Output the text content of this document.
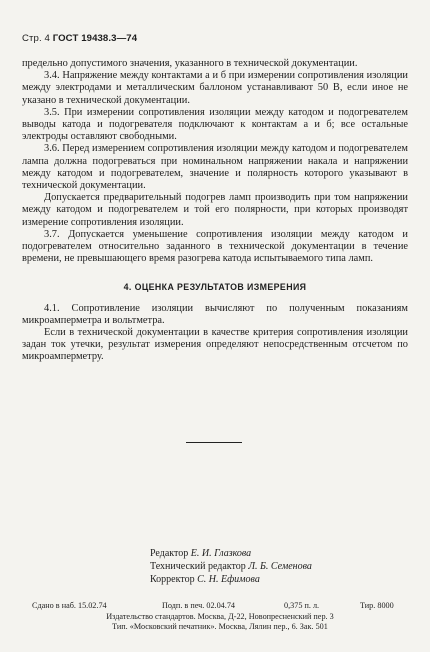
Стр. 4 ГОСТ 19438.3—74

предельно допустимого значения, указанного в технической документации.

3.4. Напряжение между контактами а и б при измерении сопротивления изоляции между электродами и металлическим баллоном устанавливают 50 В, если иное не указано в технической документации.

3.5. При измерении сопротивления изоляции между катодом и подогревателем выводы катода и подогревателя подключают к контактам а и б; все остальные электроды оставляют свободными.

3.6. Перед измерением сопротивления изоляции между катодом и подогревателем лампа должна подогреваться при номинальном напряжении накала и напряжении между катодом и подогревателем, значение и полярность которого указывают в технической документации.

Допускается предварительный подогрев ламп производить при том напряжении между катодом и подогревателем и той его полярности, при которых производят измерение сопротивления изоляции.

3.7. Допускается уменьшение сопротивления изоляции между катодом и подогревателем относительно заданного в технической документации в течение времени, не превышающего время разогрева катода испытываемого типа ламп.

4. ОЦЕНКА РЕЗУЛЬТАТОВ ИЗМЕРЕНИЯ

4.1. Сопротивление изоляции вычисляют по полученным показаниям микроамперметра и вольтметра.

Если в технической документации в качестве критерия сопротивления изоляции задан ток утечки, результат измерения определяют непосредственным отсчетом по микроамперметру.

Редактор Е. И. Глазкова
Технический редактор Л. Б. Семенова
Корректор С. Н. Ефимова
Сдано в наб. 15.02.74	Подп. в печ. 02.04.74	0,375 п. л.	Тир. 8000
Издательство стандартов. Москва, Д-22, Новопресненский пер. 3
Тип. «Московский печатник». Москва, Лялин пер., 6. Зак. 501
